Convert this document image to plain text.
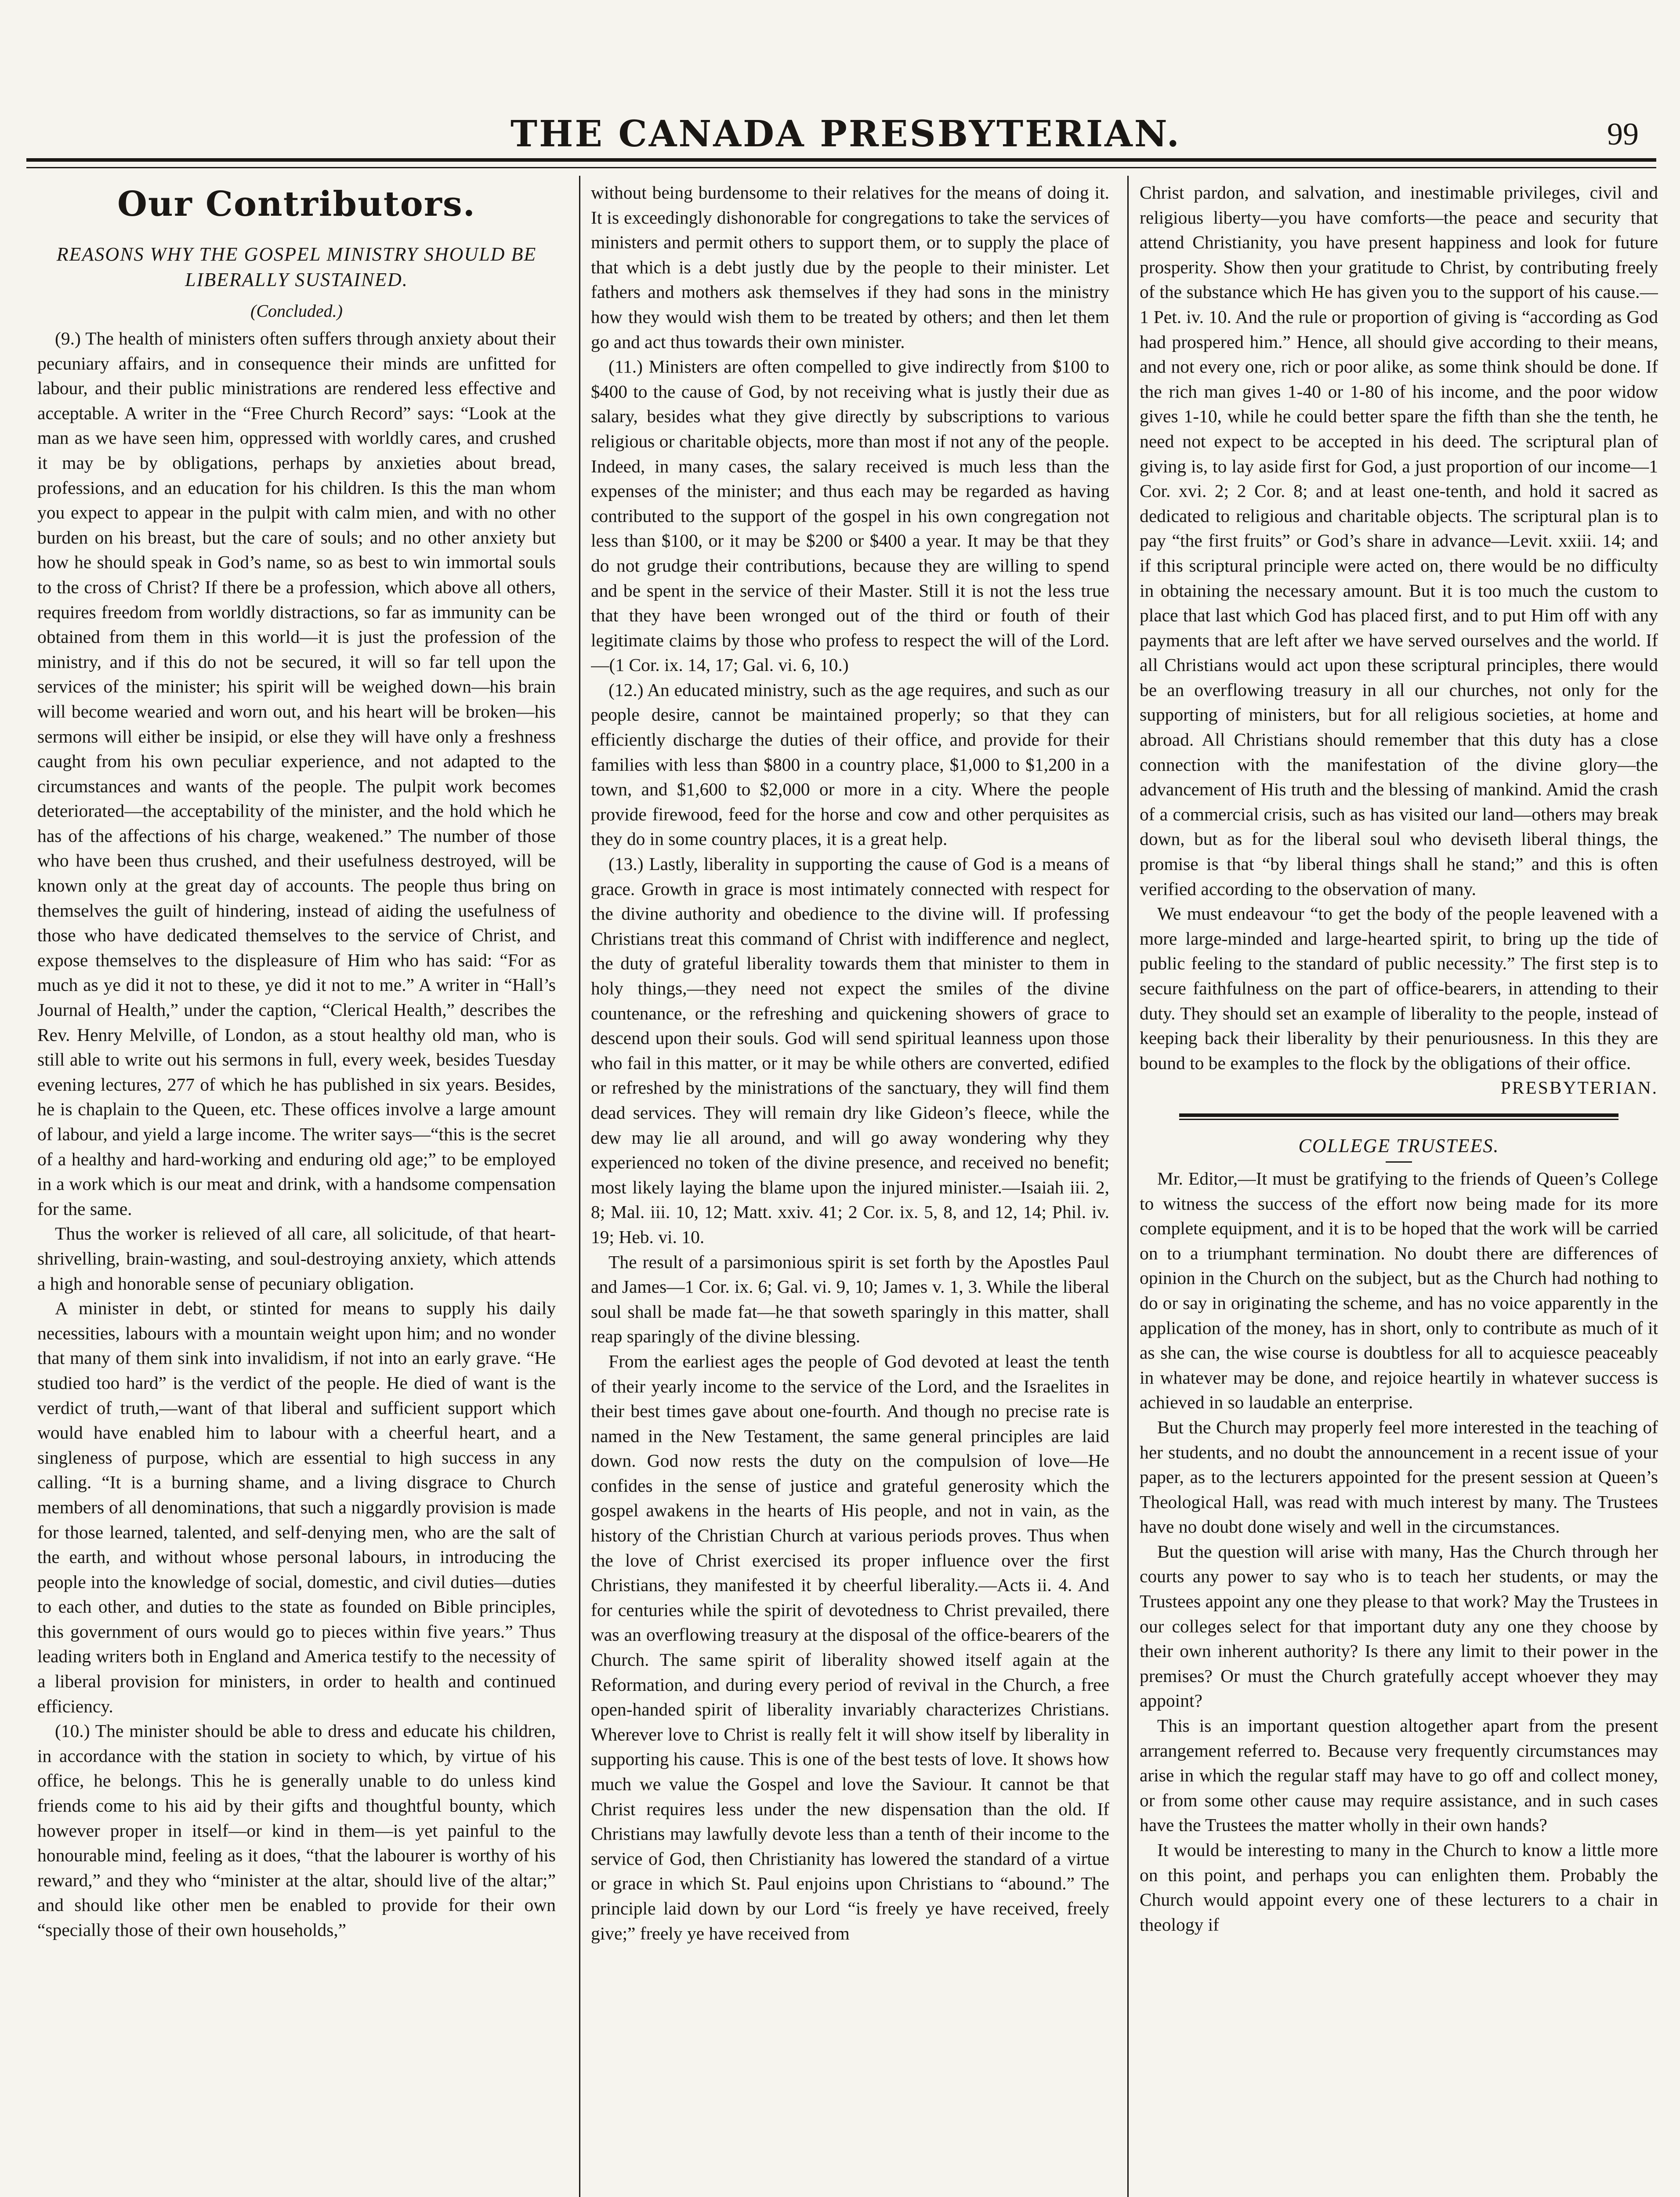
THE CANADA PRESBYTERIAN.	99
Our Contributors.
REASONS WHY THE GOSPEL MINISTRY SHOULD BE LIBERALLY SUSTAINED.
(Concluded.)

(9.) The health of ministers often suffers through anxiety about their pecuniary affairs, and in consequence their minds are unfitted for labour, and their public ministrations are rendered less effective and acceptable. A writer in the “Free Church Record” says: “Look at the man as we have seen him, oppressed with worldly cares, and crushed it may be by obligations, perhaps by anxieties about bread, professions, and an education for his children. Is this the man whom you expect to appear in the pulpit with calm mien, and with no other burden on his breast, but the care of souls; and no other anxiety but how he should speak in God’s name, so as best to win immortal souls to the cross of Christ? If there be a profession, which above all others, requires freedom from worldly distractions, so far as immunity can be obtained from them in this world—it is just the profession of the ministry, and if this do not be secured, it will so far tell upon the services of the minister; his spirit will be weighed down—his brain will become wearied and worn out, and his heart will be broken—his sermons will either be insipid, or else they will have only a freshness caught from his own peculiar experience, and not adapted to the circumstances and wants of the people. The pulpit work becomes deteriorated—the acceptability of the minister, and the hold which he has of the affections of his charge, weakened.” The number of those who have been thus crushed, and their usefulness destroyed, will be known only at the great day of accounts. The people thus bring on themselves the guilt of hindering, instead of aiding the usefulness of those who have dedicated themselves to the service of Christ, and expose themselves to the displeasure of Him who has said: “For as much as ye did it not to these, ye did it not to me.” A writer in “Hall’s Journal of Health,” under the caption, “Clerical Health,” describes the Rev. Henry Melville, of London, as a stout healthy old man, who is still able to write out his sermons in full, every week, besides Tuesday evening lectures, 277 of which he has published in six years. Besides, he is chaplain to the Queen, etc. These offices involve a large amount of labour, and yield a large income. The writer says—“this is the secret of a healthy and hard-working and enduring old age;” to be employed in a work which is our meat and drink, with a handsome compensation for the same.

Thus the worker is relieved of all care, all solicitude, of that heart-shrivelling, brain-wasting, and soul-destroying anxiety, which attends a high and honorable sense of pecuniary obligation.

A minister in debt, or stinted for means to supply his daily necessities, labours with a mountain weight upon him; and no wonder that many of them sink into invalidism, if not into an early grave. “He studied too hard” is the verdict of the people. He died of want is the verdict of truth,—want of that liberal and sufficient support which would have enabled him to labour with a cheerful heart, and a singleness of purpose, which are essential to high success in any calling. “It is a burning shame, and a living disgrace to Church members of all denominations, that such a niggardly provision is made for those learned, talented, and self-denying men, who are the salt of the earth, and without whose personal labours, in introducing the people into the knowledge of social, domestic, and civil duties—duties to each other, and duties to the state as founded on Bible principles, this government of ours would go to pieces within five years.” Thus leading writers both in England and America testify to the necessity of a liberal provision for ministers, in order to health and continued efficiency.

(10.) The minister should be able to dress and educate his children, in accordance with the station in society to which, by virtue of his office, he belongs. This he is generally unable to do unless kind friends come to his aid by their gifts and thoughtful bounty, which however proper in itself—or kind in them—is yet painful to the honourable mind, feeling as it does, “that the labourer is worthy of his reward,” and they who “minister at the altar, should live of the altar;” and should like other men be enabled to provide for their own “specially those of their own households,”

without being burdensome to their relatives for the means of doing it. It is exceedingly dishonorable for congregations to take the services of ministers and permit others to support them, or to supply the place of that which is a debt justly due by the people to their minister. Let fathers and mothers ask themselves if they had sons in the ministry how they would wish them to be treated by others; and then let them go and act thus towards their own minister.

(11.) Ministers are often compelled to give indirectly from $100 to $400 to the cause of God, by not receiving what is justly their due as salary, besides what they give directly by subscriptions to various religious or charitable objects, more than most if not any of the people. Indeed, in many cases, the salary received is much less than the expenses of the minister; and thus each may be regarded as having contributed to the support of the gospel in his own congregation not less than $100, or it may be $200 or $400 a year. It may be that they do not grudge their contributions, because they are willing to spend and be spent in the service of their Master. Still it is not the less true that they have been wronged out of the third or fouth of their legitimate claims by those who profess to respect the will of the Lord.—(1 Cor. ix. 14, 17; Gal. vi. 6, 10.)

(12.) An educated ministry, such as the age requires, and such as our people desire, cannot be maintained properly; so that they can efficiently discharge the duties of their office, and provide for their families with less than $800 in a country place, $1,000 to $1,200 in a town, and $1,600 to $2,000 or more in a city. Where the people provide firewood, feed for the horse and cow and other perquisites as they do in some country places, it is a great help.

(13.) Lastly, liberality in supporting the cause of God is a means of grace. Growth in grace is most intimately connected with respect for the divine authority and obedience to the divine will. If professing Christians treat this command of Christ with indifference and neglect, the duty of grateful liberality towards them that minister to them in holy things,—they need not expect the smiles of the divine countenance, or the refreshing and quickening showers of grace to descend upon their souls. God will send spiritual leanness upon those who fail in this matter, or it may be while others are converted, edified or refreshed by the ministrations of the sanctuary, they will find them dead services. They will remain dry like Gideon’s fleece, while the dew may lie all around, and will go away wondering why they experienced no token of the divine presence, and received no benefit; most likely laying the blame upon the injured minister.—Isaiah iii. 2, 8; Mal. iii. 10, 12; Matt. xxiv. 41; 2 Cor. ix. 5, 8, and 12, 14; Phil. iv. 19; Heb. vi. 10.

The result of a parsimonious spirit is set forth by the Apostles Paul and James—1 Cor. ix. 6; Gal. vi. 9, 10; James v. 1, 3. While the liberal soul shall be made fat—he that soweth sparingly in this matter, shall reap sparingly of the divine blessing.

From the earliest ages the people of God devoted at least the tenth of their yearly income to the service of the Lord, and the Israelites in their best times gave about one-fourth. And though no precise rate is named in the New Testament, the same general principles are laid down. God now rests the duty on the compulsion of love—He confides in the sense of justice and grateful generosity which the gospel awakens in the hearts of His people, and not in vain, as the history of the Christian Church at various periods proves. Thus when the love of Christ exercised its proper influence over the first Christians, they manifested it by cheerful liberality.—Acts ii. 4. And for centuries while the spirit of devotedness to Christ prevailed, there was an overflowing treasury at the disposal of the office-bearers of the Church. The same spirit of liberality showed itself again at the Reformation, and during every period of revival in the Church, a free open-handed spirit of liberality invariably characterizes Christians. Wherever love to Christ is really felt it will show itself by liberality in supporting his cause. This is one of the best tests of love. It shows how much we value the Gospel and love the Saviour. It cannot be that Christ requires less under the new dispensation than the old. If Christians may lawfully devote less than a tenth of their income to the service of God, then Christianity has lowered the standard of a virtue or grace in which St. Paul enjoins upon Christians to “abound.” The principle laid down by our Lord “is freely ye have received, freely give;” freely ye have received from

Christ pardon, and salvation, and inestimable privileges, civil and religious liberty—you have comforts—the peace and security that attend Christianity, you have present happiness and look for future prosperity. Show then your gratitude to Christ, by contributing freely of the substance which He has given you to the support of his cause.—1 Pet. iv. 10. And the rule or proportion of giving is “according as God had prospered him.” Hence, all should give according to their means, and not every one, rich or poor alike, as some think should be done. If the rich man gives 1-40 or 1-80 of his income, and the poor widow gives 1-10, while he could better spare the fifth than she the tenth, he need not expect to be accepted in his deed. The scriptural plan of giving is, to lay aside first for God, a just proportion of our income—1 Cor. xvi. 2; 2 Cor. 8; and at least one-tenth, and hold it sacred as dedicated to religious and charitable objects. The scriptural plan is to pay “the first fruits” or God’s share in advance—Levit. xxiii. 14; and if this scriptural principle were acted on, there would be no difficulty in obtaining the necessary amount. But it is too much the custom to place that last which God has placed first, and to put Him off with any payments that are left after we have served ourselves and the world. If all Christians would act upon these scriptural principles, there would be an overflowing treasury in all our churches, not only for the supporting of ministers, but for all religious societies, at home and abroad. All Christians should remember that this duty has a close connection with the manifestation of the divine glory—the advancement of His truth and the blessing of mankind. Amid the crash of a commercial crisis, such as has visited our land—others may break down, but as for the liberal soul who deviseth liberal things, the promise is that “by liberal things shall he stand;” and this is often verified according to the observation of many.

We must endeavour “to get the body of the people leavened with a more large-minded and large-hearted spirit, to bring up the tide of public feeling to the standard of public necessity.” The first step is to secure faithfulness on the part of office-bearers, in attending to their duty. They should set an example of liberality to the people, instead of keeping back their liberality by their penuriousness. In this they are bound to be examples to the flock by the obligations of their office.

PRESBYTERIAN.
COLLEGE TRUSTEES.

Mr. Editor,—It must be gratifying to the friends of Queen’s College to witness the success of the effort now being made for its more complete equipment, and it is to be hoped that the work will be carried on to a triumphant termination. No doubt there are differences of opinion in the Church on the subject, but as the Church had nothing to do or say in originating the scheme, and has no voice apparently in the application of the money, has in short, only to contribute as much of it as she can, the wise course is doubtless for all to acquiesce peaceably in whatever may be done, and rejoice heartily in whatever success is achieved in so laudable an enterprise.

But the Church may properly feel more interested in the teaching of her students, and no doubt the announcement in a recent issue of your paper, as to the lecturers appointed for the present session at Queen’s Theological Hall, was read with much interest by many. The Trustees have no doubt done wisely and well in the circumstances.

But the question will arise with many, Has the Church through her courts any power to say who is to teach her students, or may the Trustees appoint any one they please to that work? May the Trustees in our colleges select for that important duty any one they choose by their own inherent authority? Is there any limit to their power in the premises? Or must the Church gratefully accept whoever they may appoint?

This is an important question altogether apart from the present arrangement referred to. Because very frequently circumstances may arise in which the regular staff may have to go off and collect money, or from some other cause may require assistance, and in such cases have the Trustees the matter wholly in their own hands?

It would be interesting to many in the Church to know a little more on this point, and perhaps you can enlighten them. Probably the Church would appoint every one of these lecturers to a chair in theology if
